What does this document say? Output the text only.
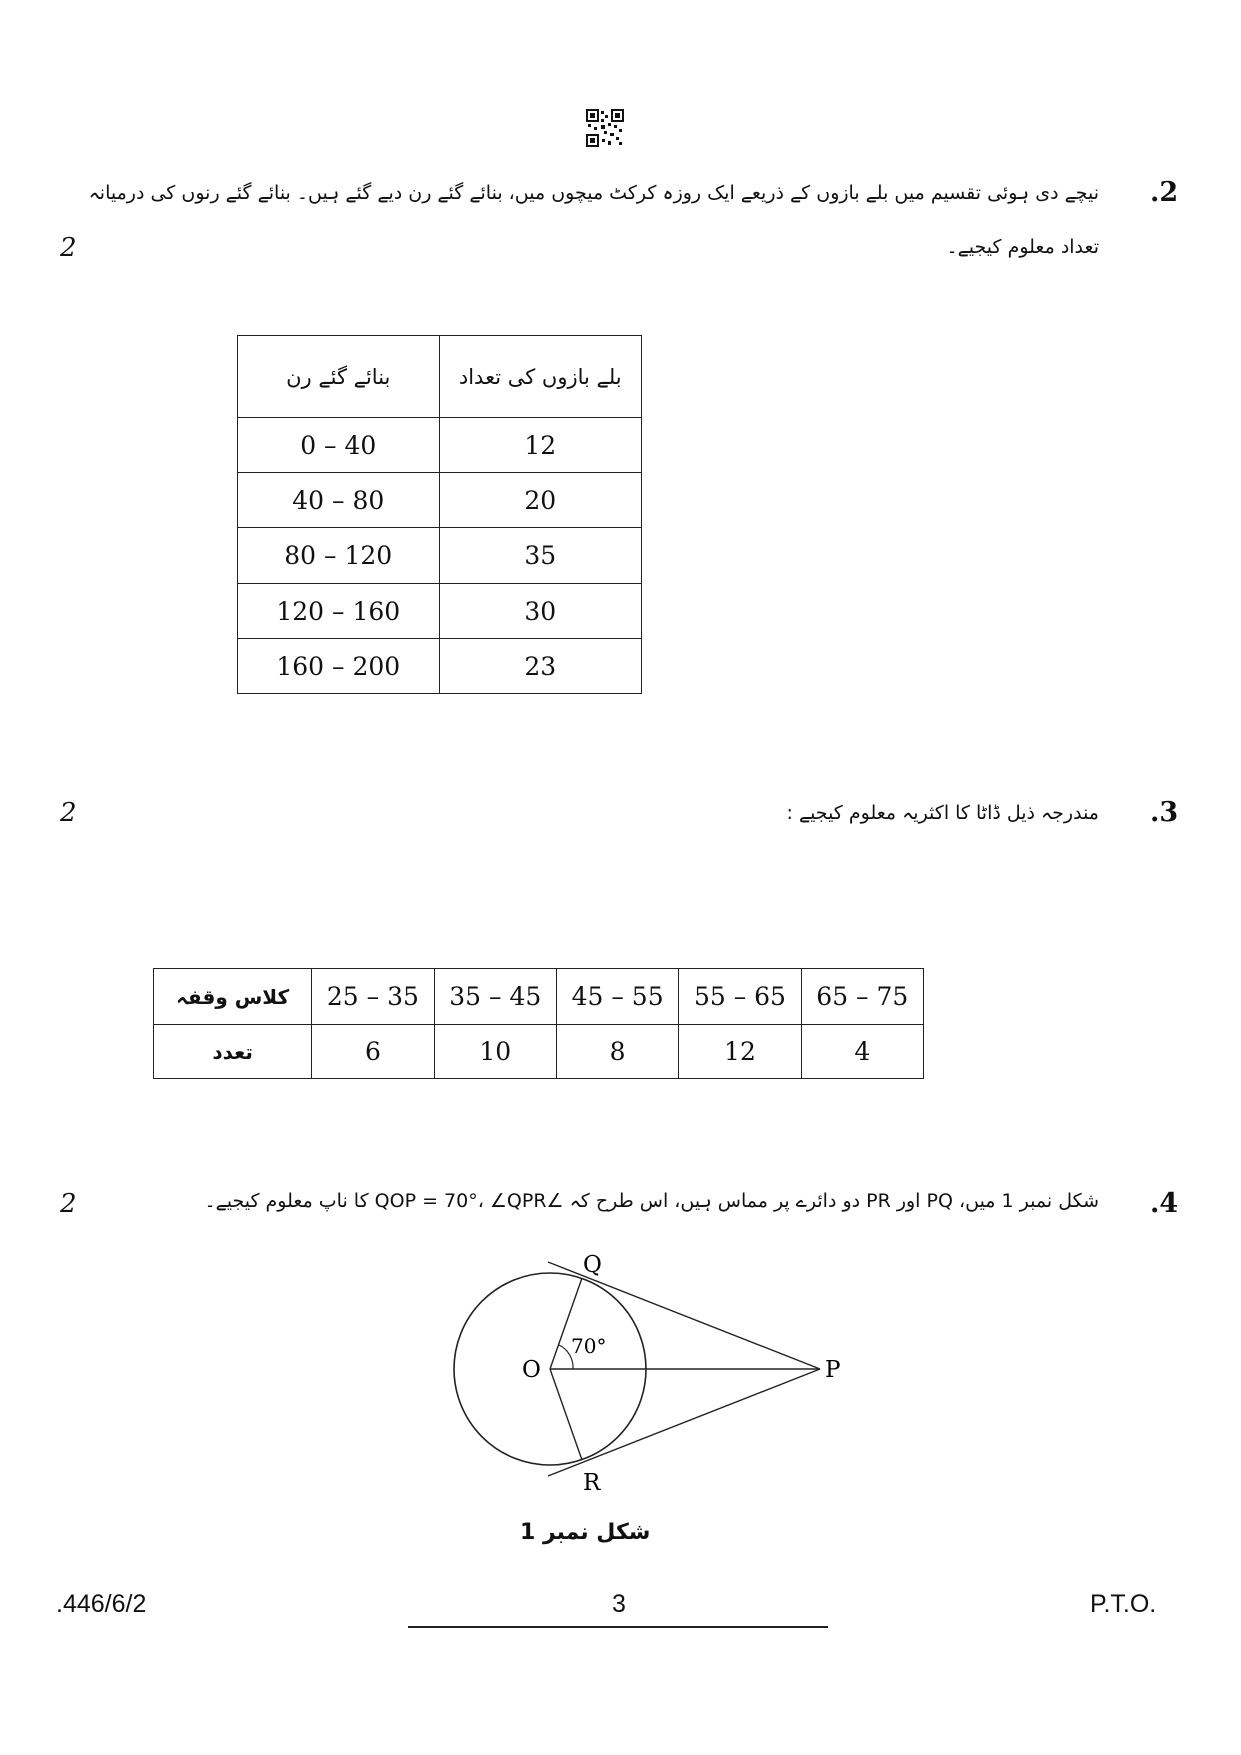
.2
نیچے دی ہوئی تقسیم میں بلے بازوں کے ذریعے ایک روزہ کرکٹ میچوں میں، بنائے گئے رن دیے گئے ہیں۔ بنائے گئے رنوں کی درمیانہ
تعداد معلوم کیجیے۔
2
بنائے گئے رن	بلے بازوں کی تعداد
0 – 40	12
40 – 80	20
80 – 120	35
120 – 160	30
160 – 200	23
.3
مندرجہ ذیل ڈاٹا کا اکثریہ معلوم کیجیے :
2
کلاس وقفہ	25 – 35	35 – 45	45 – 55	55 – 65	65 – 75
تعدد	6	10	8	12	4
.4
شکل نمبر 1 میں، PQ اور PR دو دائرے پر مماس ہیں، اس طرح کہ ∠QOP = 70°، ∠QPR کا ناپ معلوم کیجیے۔
2
Q
O	P
R
70°
شکل نمبر 1
.446/6/2	3	P.T.O.
